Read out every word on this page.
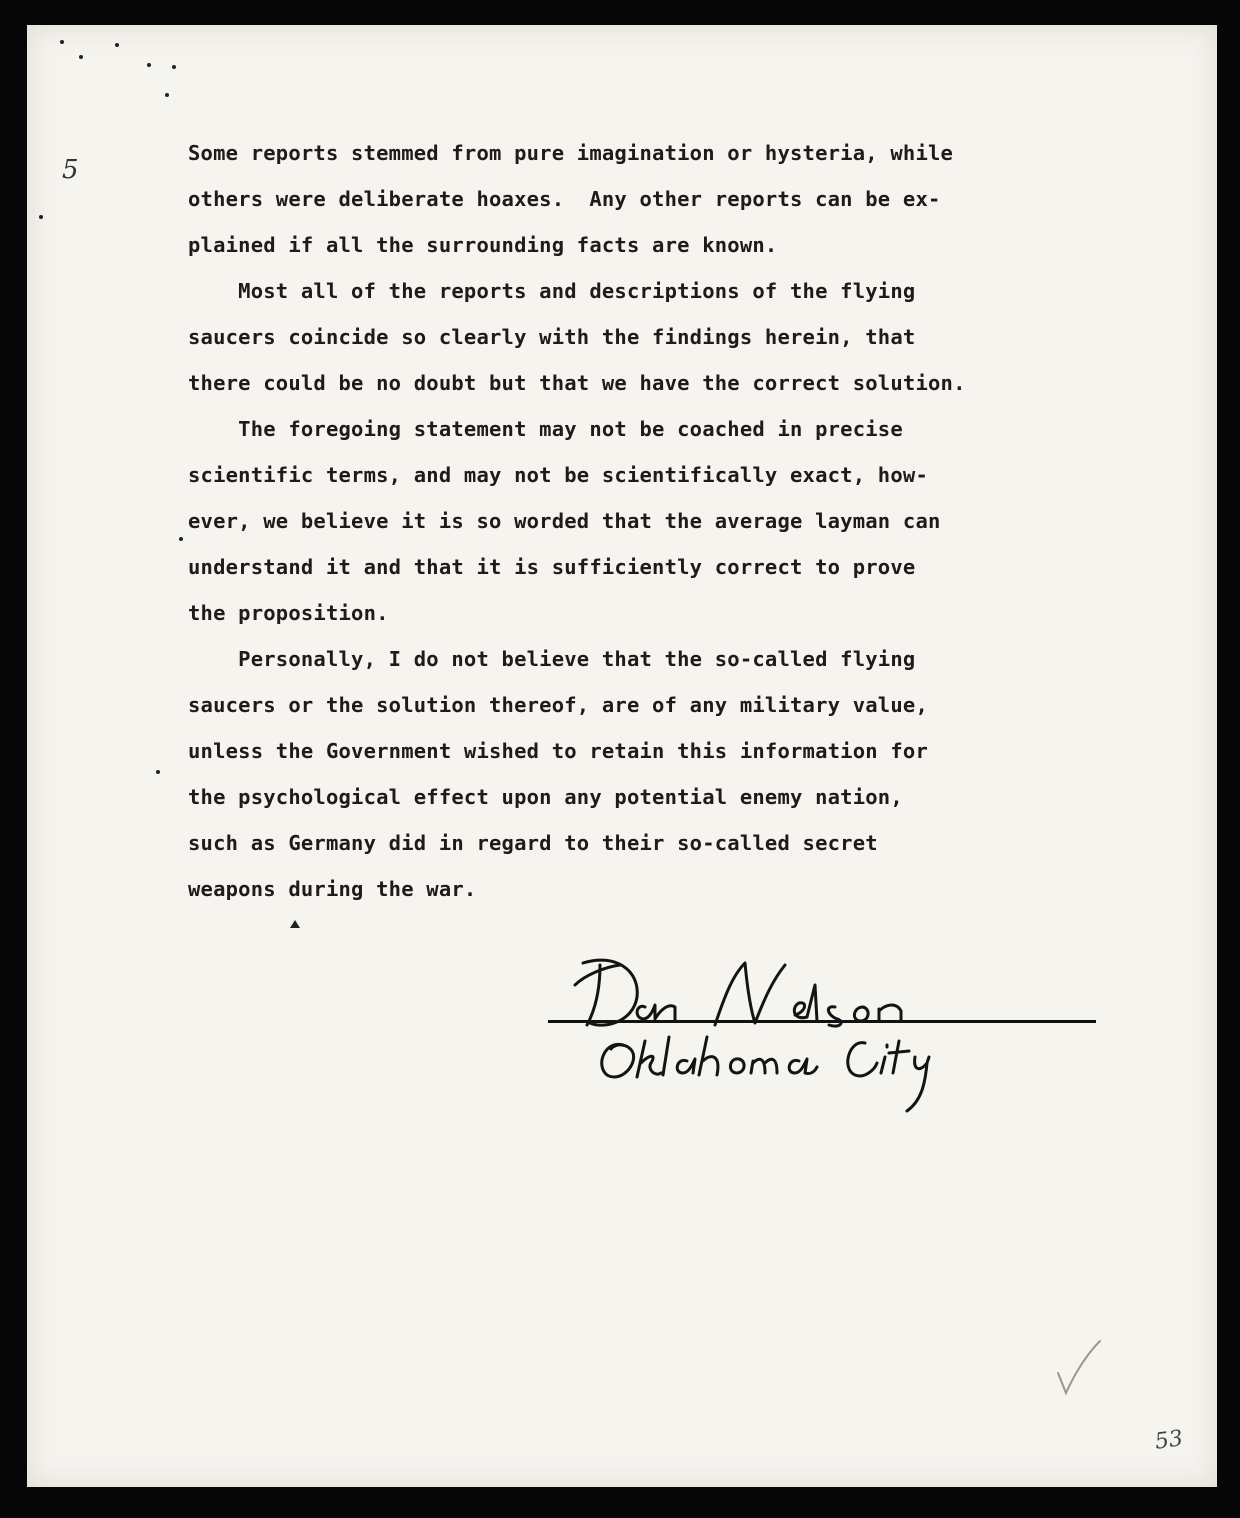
5
Some reports stemmed from pure imagination or hysteria, while
others were deliberate hoaxes.  Any other reports can be ex-
plained if all the surrounding facts are known.
Most all of the reports and descriptions of the flying
saucers coincide so clearly with the findings herein, that
there could be no doubt but that we have the correct solution.
The foregoing statement may not be coached in precise
scientific terms, and may not be scientifically exact, how-
ever, we believe it is so worded that the average layman can
understand it and that it is sufficiently correct to prove
the proposition.
Personally, I do not believe that the so-called flying
saucers or the solution thereof, are of any military value,
unless the Government wished to retain this information for
the psychological effect upon any potential enemy nation,
such as Germany did in regard to their so-called secret
weapons during the war.
53
